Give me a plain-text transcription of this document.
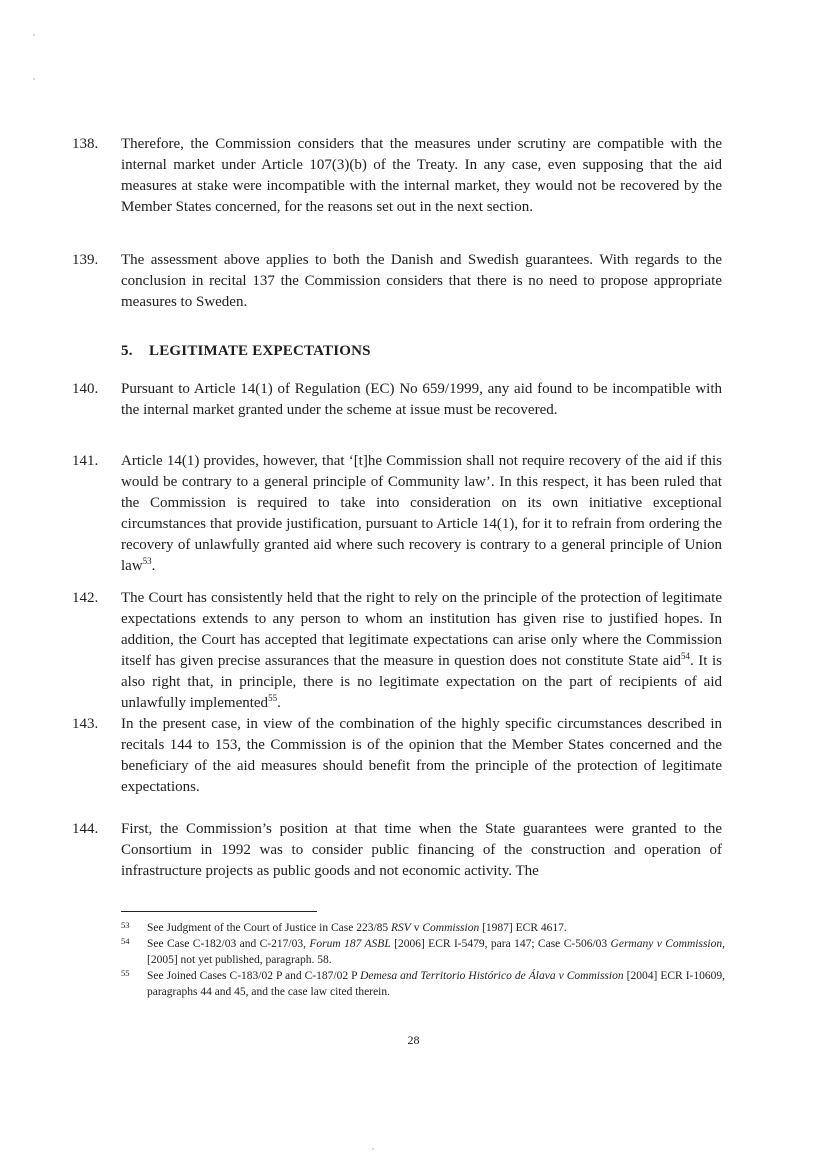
138. Therefore, the Commission considers that the measures under scrutiny are compatible with the internal market under Article 107(3)(b) of the Treaty. In any case, even supposing that the aid measures at stake were incompatible with the internal market, they would not be recovered by the Member States concerned, for the reasons set out in the next section.
139. The assessment above applies to both the Danish and Swedish guarantees. With regards to the conclusion in recital 137 the Commission considers that there is no need to propose appropriate measures to Sweden.
5. LEGITIMATE EXPECTATIONS
140. Pursuant to Article 14(1) of Regulation (EC) No 659/1999, any aid found to be incompatible with the internal market granted under the scheme at issue must be recovered.
141. Article 14(1) provides, however, that ‘[t]he Commission shall not require recovery of the aid if this would be contrary to a general principle of Community law’. In this respect, it has been ruled that the Commission is required to take into consideration on its own initiative exceptional circumstances that provide justification, pursuant to Article 14(1), for it to refrain from ordering the recovery of unlawfully granted aid where such recovery is contrary to a general principle of Union law$^{53}$.
142. The Court has consistently held that the right to rely on the principle of the protection of legitimate expectations extends to any person to whom an institution has given rise to justified hopes. In addition, the Court has accepted that legitimate expectations can arise only where the Commission itself has given precise assurances that the measure in question does not constitute State aid$^{54}$. It is also right that, in principle, there is no legitimate expectation on the part of recipients of aid unlawfully implemented$^{55}$.
143. In the present case, in view of the combination of the highly specific circumstances described in recitals 144 to 153, the Commission is of the opinion that the Member States concerned and the beneficiary of the aid measures should benefit from the principle of the protection of legitimate expectations.
144. First, the Commission’s position at that time when the State guarantees were granted to the Consortium in 1992 was to consider public financing of the construction and operation of infrastructure projects as public goods and not economic activity. The
53 See Judgment of the Court of Justice in Case 223/85 RSV v Commission [1987] ECR 4617.
54 See Case C-182/03 and C-217/03, Forum 187 ASBL [2006] ECR I-5479, para 147; Case C-506/03 Germany v Commission, [2005] not yet published, paragraph. 58.
55 See Joined Cases C-183/02 P and C-187/02 P Demesa and Territorio Histórico de Álava v Commission [2004] ECR I-10609, paragraphs 44 and 45, and the case law cited therein.
28
